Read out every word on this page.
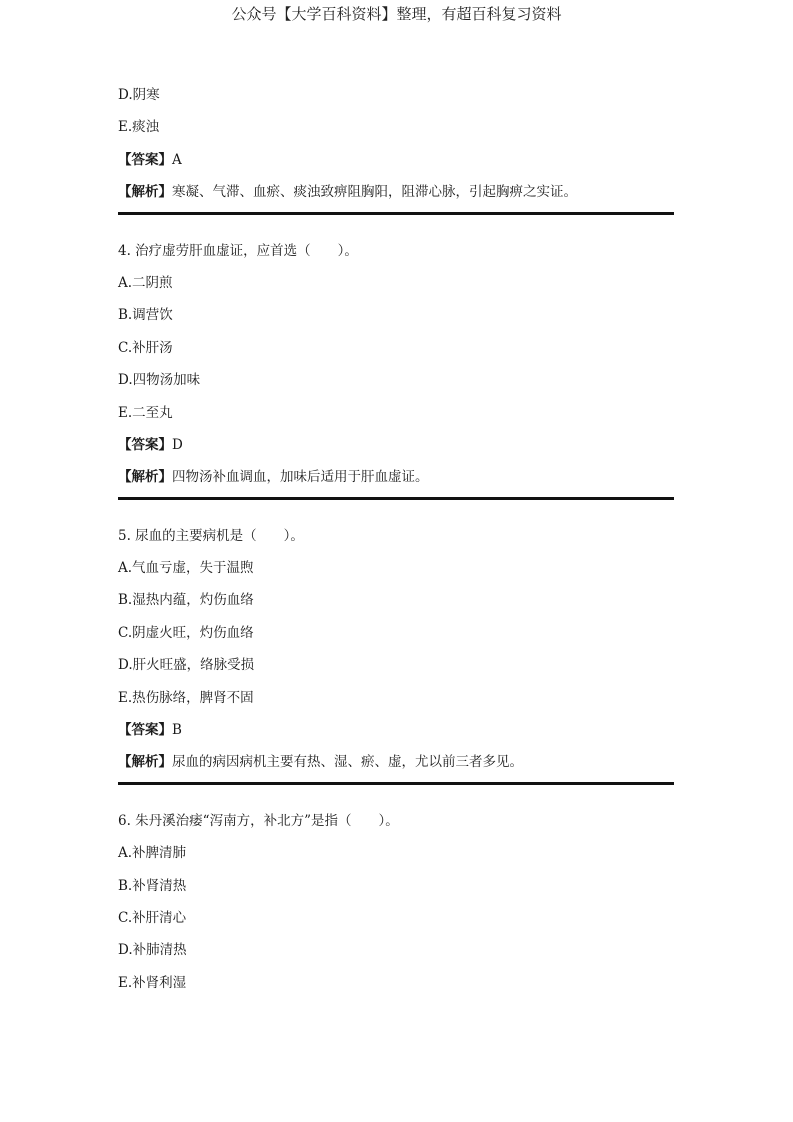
公众号【大学百科资料】整理，有超百科复习资料
D.阴寒
E.痰浊
【答案】A
【解析】寒凝、气滞、血瘀、痰浊致痹阻胸阳，阻滞心脉，引起胸痹之实证。
4. 治疗虚劳肝血虚证，应首选（　　）。
A.二阴煎
B.调营饮
C.补肝汤
D.四物汤加味
E.二至丸
【答案】D
【解析】四物汤补血调血，加味后适用于肝血虚证。
5. 尿血的主要病机是（　　）。
A.气血亏虚，失于温煦
B.湿热内蕴，灼伤血络
C.阴虚火旺，灼伤血络
D.肝火旺盛，络脉受损
E.热伤脉络，脾肾不固
【答案】B
【解析】尿血的病因病机主要有热、湿、瘀、虚，尤以前三者多见。
6. 朱丹溪治痿“泻南方，补北方”是指（　　）。
A.补脾清肺
B.补肾清热
C.补肝清心
D.补肺清热
E.补肾利湿
